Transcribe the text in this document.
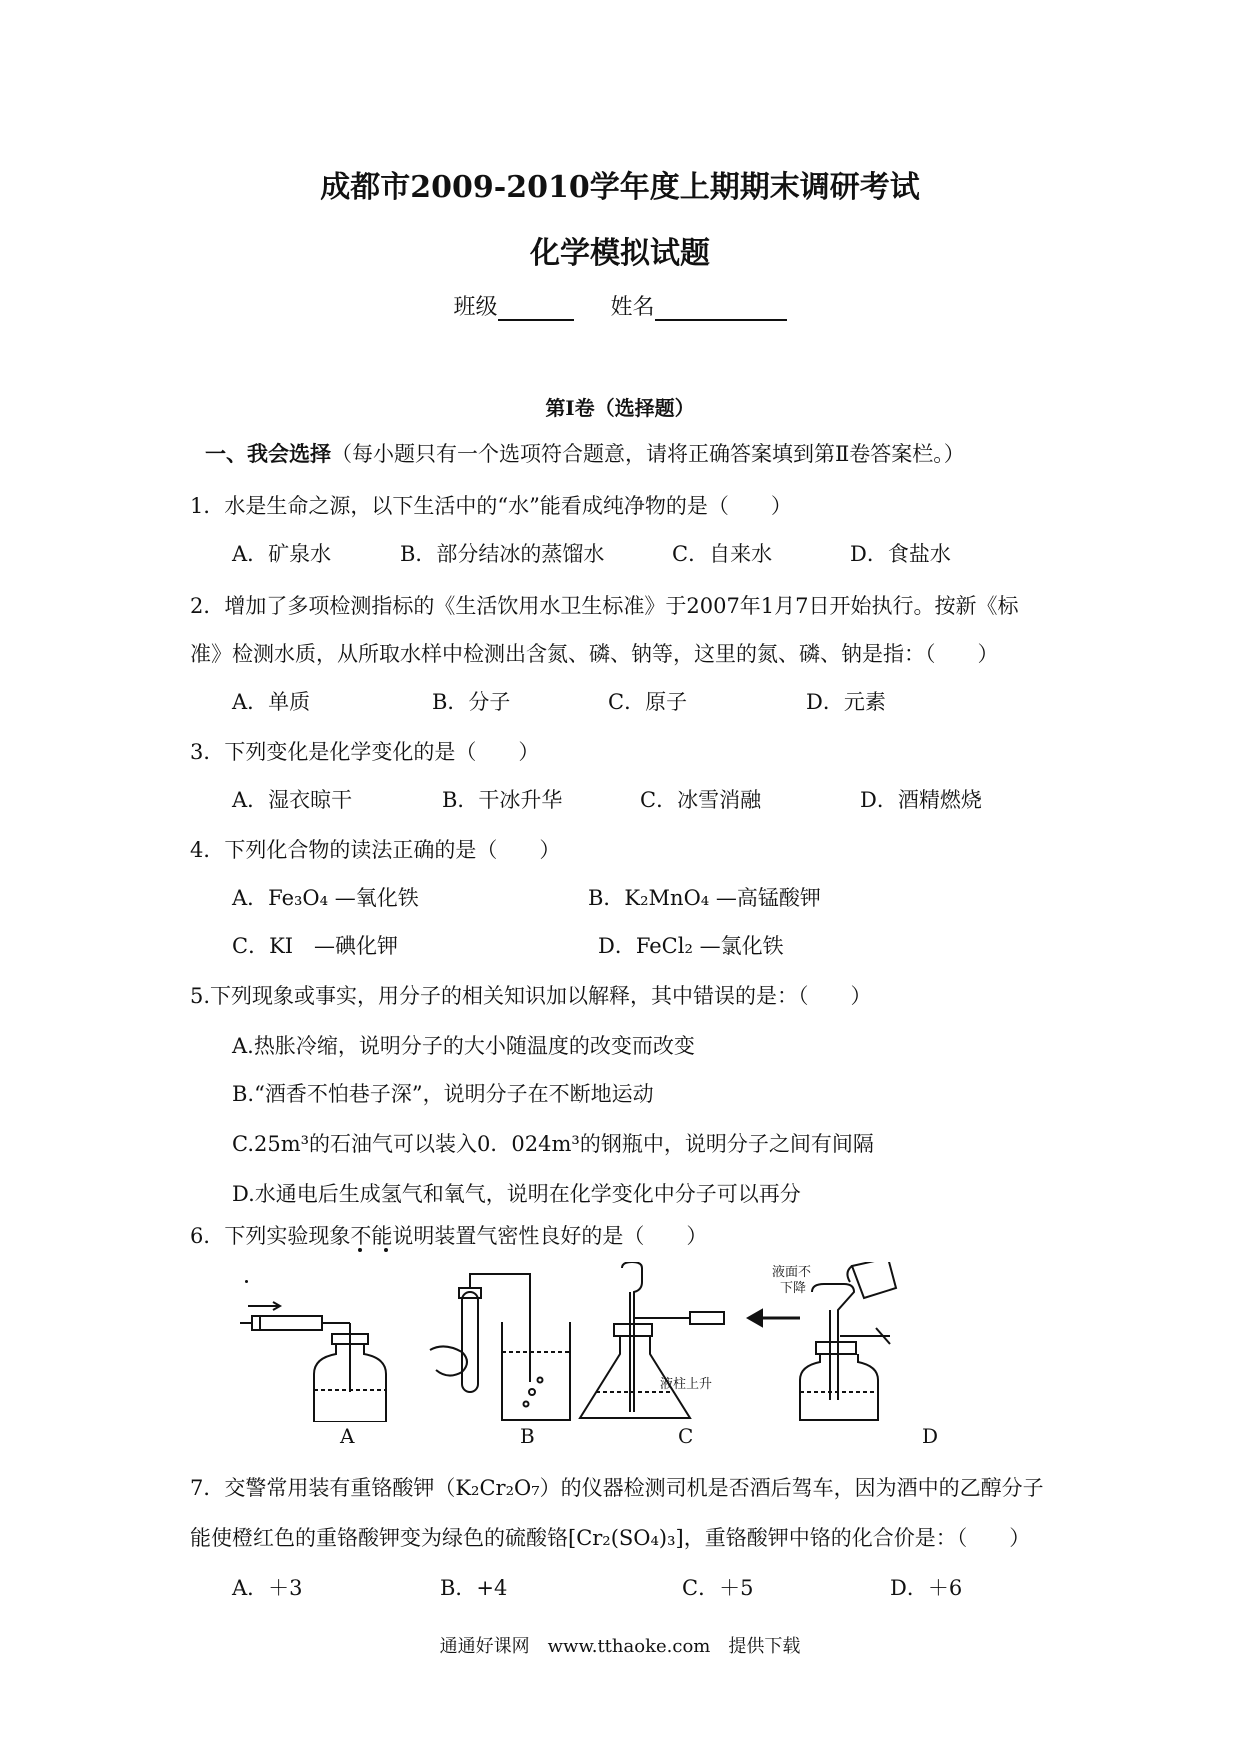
成都市2009-2010学年度上期期末调研考试
化学模拟试题
班级	姓名
第I卷（选择题）
一、我会选择（每小题只有一个选项符合题意，请将正确答案填到第Ⅱ卷答案栏。）
1．水是生命之源，以下生活中的“水”能看成纯净物的是（　　）
A．矿泉水	B．部分结冰的蒸馏水	C．自来水	D．食盐水
2．增加了多项检测指标的《生活饮用水卫生标准》于2007年1月7日开始执行。按新《标
准》检测水质，从所取水样中检测出含氮、磷、钠等，这里的氮、磷、钠是指：（　　）
A．单质	B．分子	C．原子	D．元素
3．下列变化是化学变化的是（　　）
A．湿衣晾干	B．干冰升华	C．冰雪消融	D．酒精燃烧
4．下列化合物的读法正确的是（　　）
A．Fe₃O₄ —氧化铁	B．K₂MnO₄ —高锰酸钾
C．KI　—碘化钾	D．FeCl₂ —氯化铁
5.下列现象或事实，用分子的相关知识加以解释，其中错误的是：（　　）
A.热胀冷缩，说明分子的大小随温度的改变而改变
B.“酒香不怕巷子深”，说明分子在不断地运动
C.25m³的石油气可以装入0．024m³的钢瓶中，说明分子之间有间隔
D.水通电后生成氢气和氧气，说明在化学变化中分子可以再分
6．下列实验现象不能说明装置气密性良好的是（　　）
液柱上升
液面不
下降
A	B	C	D
7．交警常用装有重铬酸钾（K₂Cr₂O₇）的仪器检测司机是否酒后驾车，因为酒中的乙醇分子
能使橙红色的重铬酸钾变为绿色的硫酸铬[Cr₂(SO₄)₃]，重铬酸钾中铬的化合价是：（　　）
A．＋3	B．+4	C．＋5	D．＋6
通通好课网　www.tthaoke.com　提供下载
